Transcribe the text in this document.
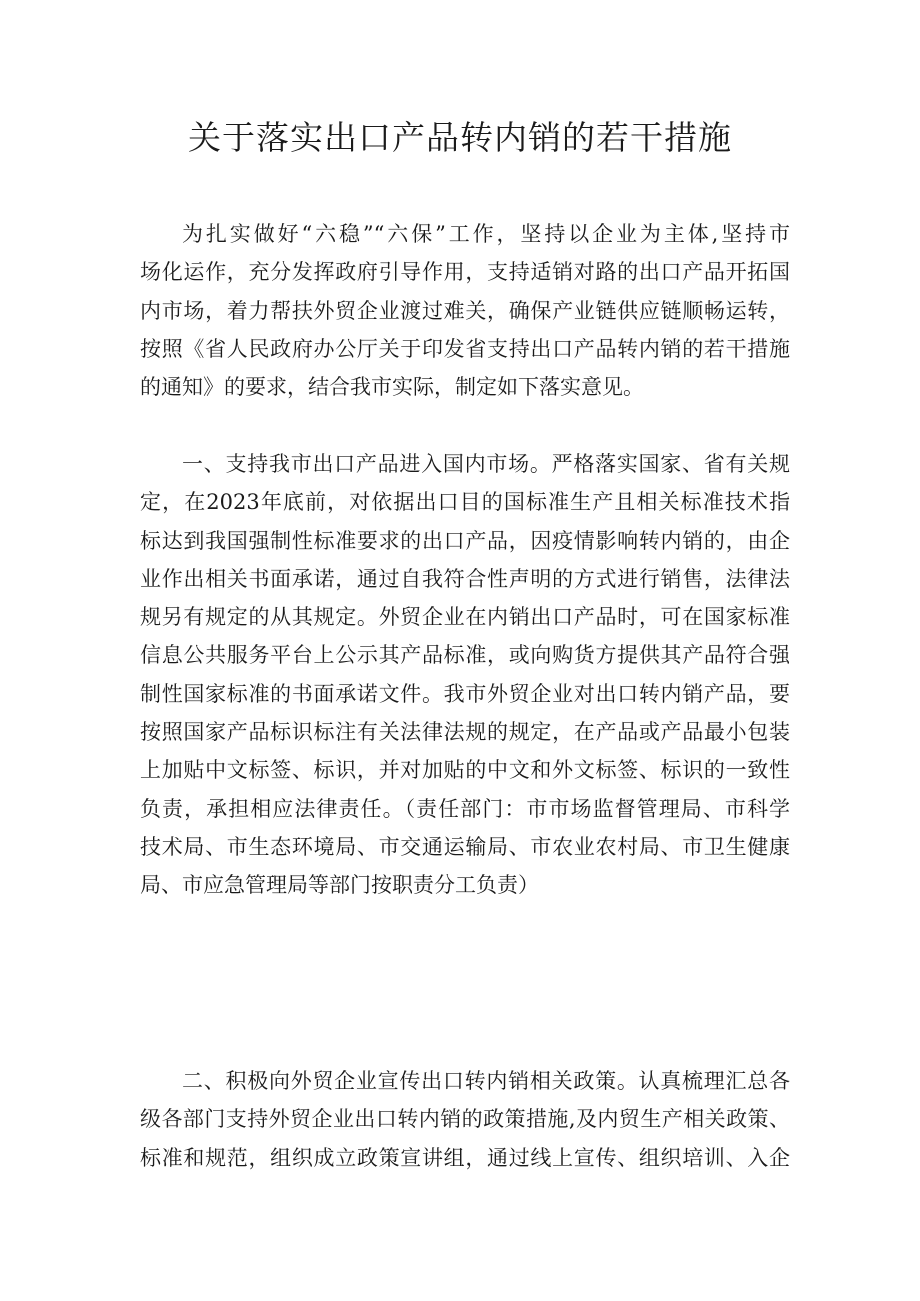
关于落实出口产品转内销的若干措施
为扎实做好“六稳”“六保”工作，坚持以企业为主体,坚持市
场化运作，充分发挥政府引导作用，支持适销对路的出口产品开拓国
内市场，着力帮扶外贸企业渡过难关，确保产业链供应链顺畅运转，
按照《省人民政府办公厅关于印发省支持出口产品转内销的若干措施
的通知》的要求，结合我市实际，制定如下落实意见。
一、支持我市出口产品进入国内市场。严格落实国家、省有关规
定，在2023年底前，对依据出口目的国标准生产且相关标准技术指
标达到我国强制性标准要求的出口产品，因疫情影响转内销的，由企
业作出相关书面承诺，通过自我符合性声明的方式进行销售，法律法
规另有规定的从其规定。外贸企业在内销出口产品时，可在国家标准
信息公共服务平台上公示其产品标准，或向购货方提供其产品符合强
制性国家标准的书面承诺文件。我市外贸企业对出口转内销产品，要
按照国家产品标识标注有关法律法规的规定，在产品或产品最小包装
上加贴中文标签、标识，并对加贴的中文和外文标签、标识的一致性
负责，承担相应法律责任。（责任部门：市市场监督管理局、市科学
技术局、市生态环境局、市交通运输局、市农业农村局、市卫生健康
局、市应急管理局等部门按职责分工负责）
二、积极向外贸企业宣传出口转内销相关政策。认真梳理汇总各
级各部门支持外贸企业出口转内销的政策措施,及内贸生产相关政策、
标准和规范，组织成立政策宣讲组，通过线上宣传、组织培训、入企
